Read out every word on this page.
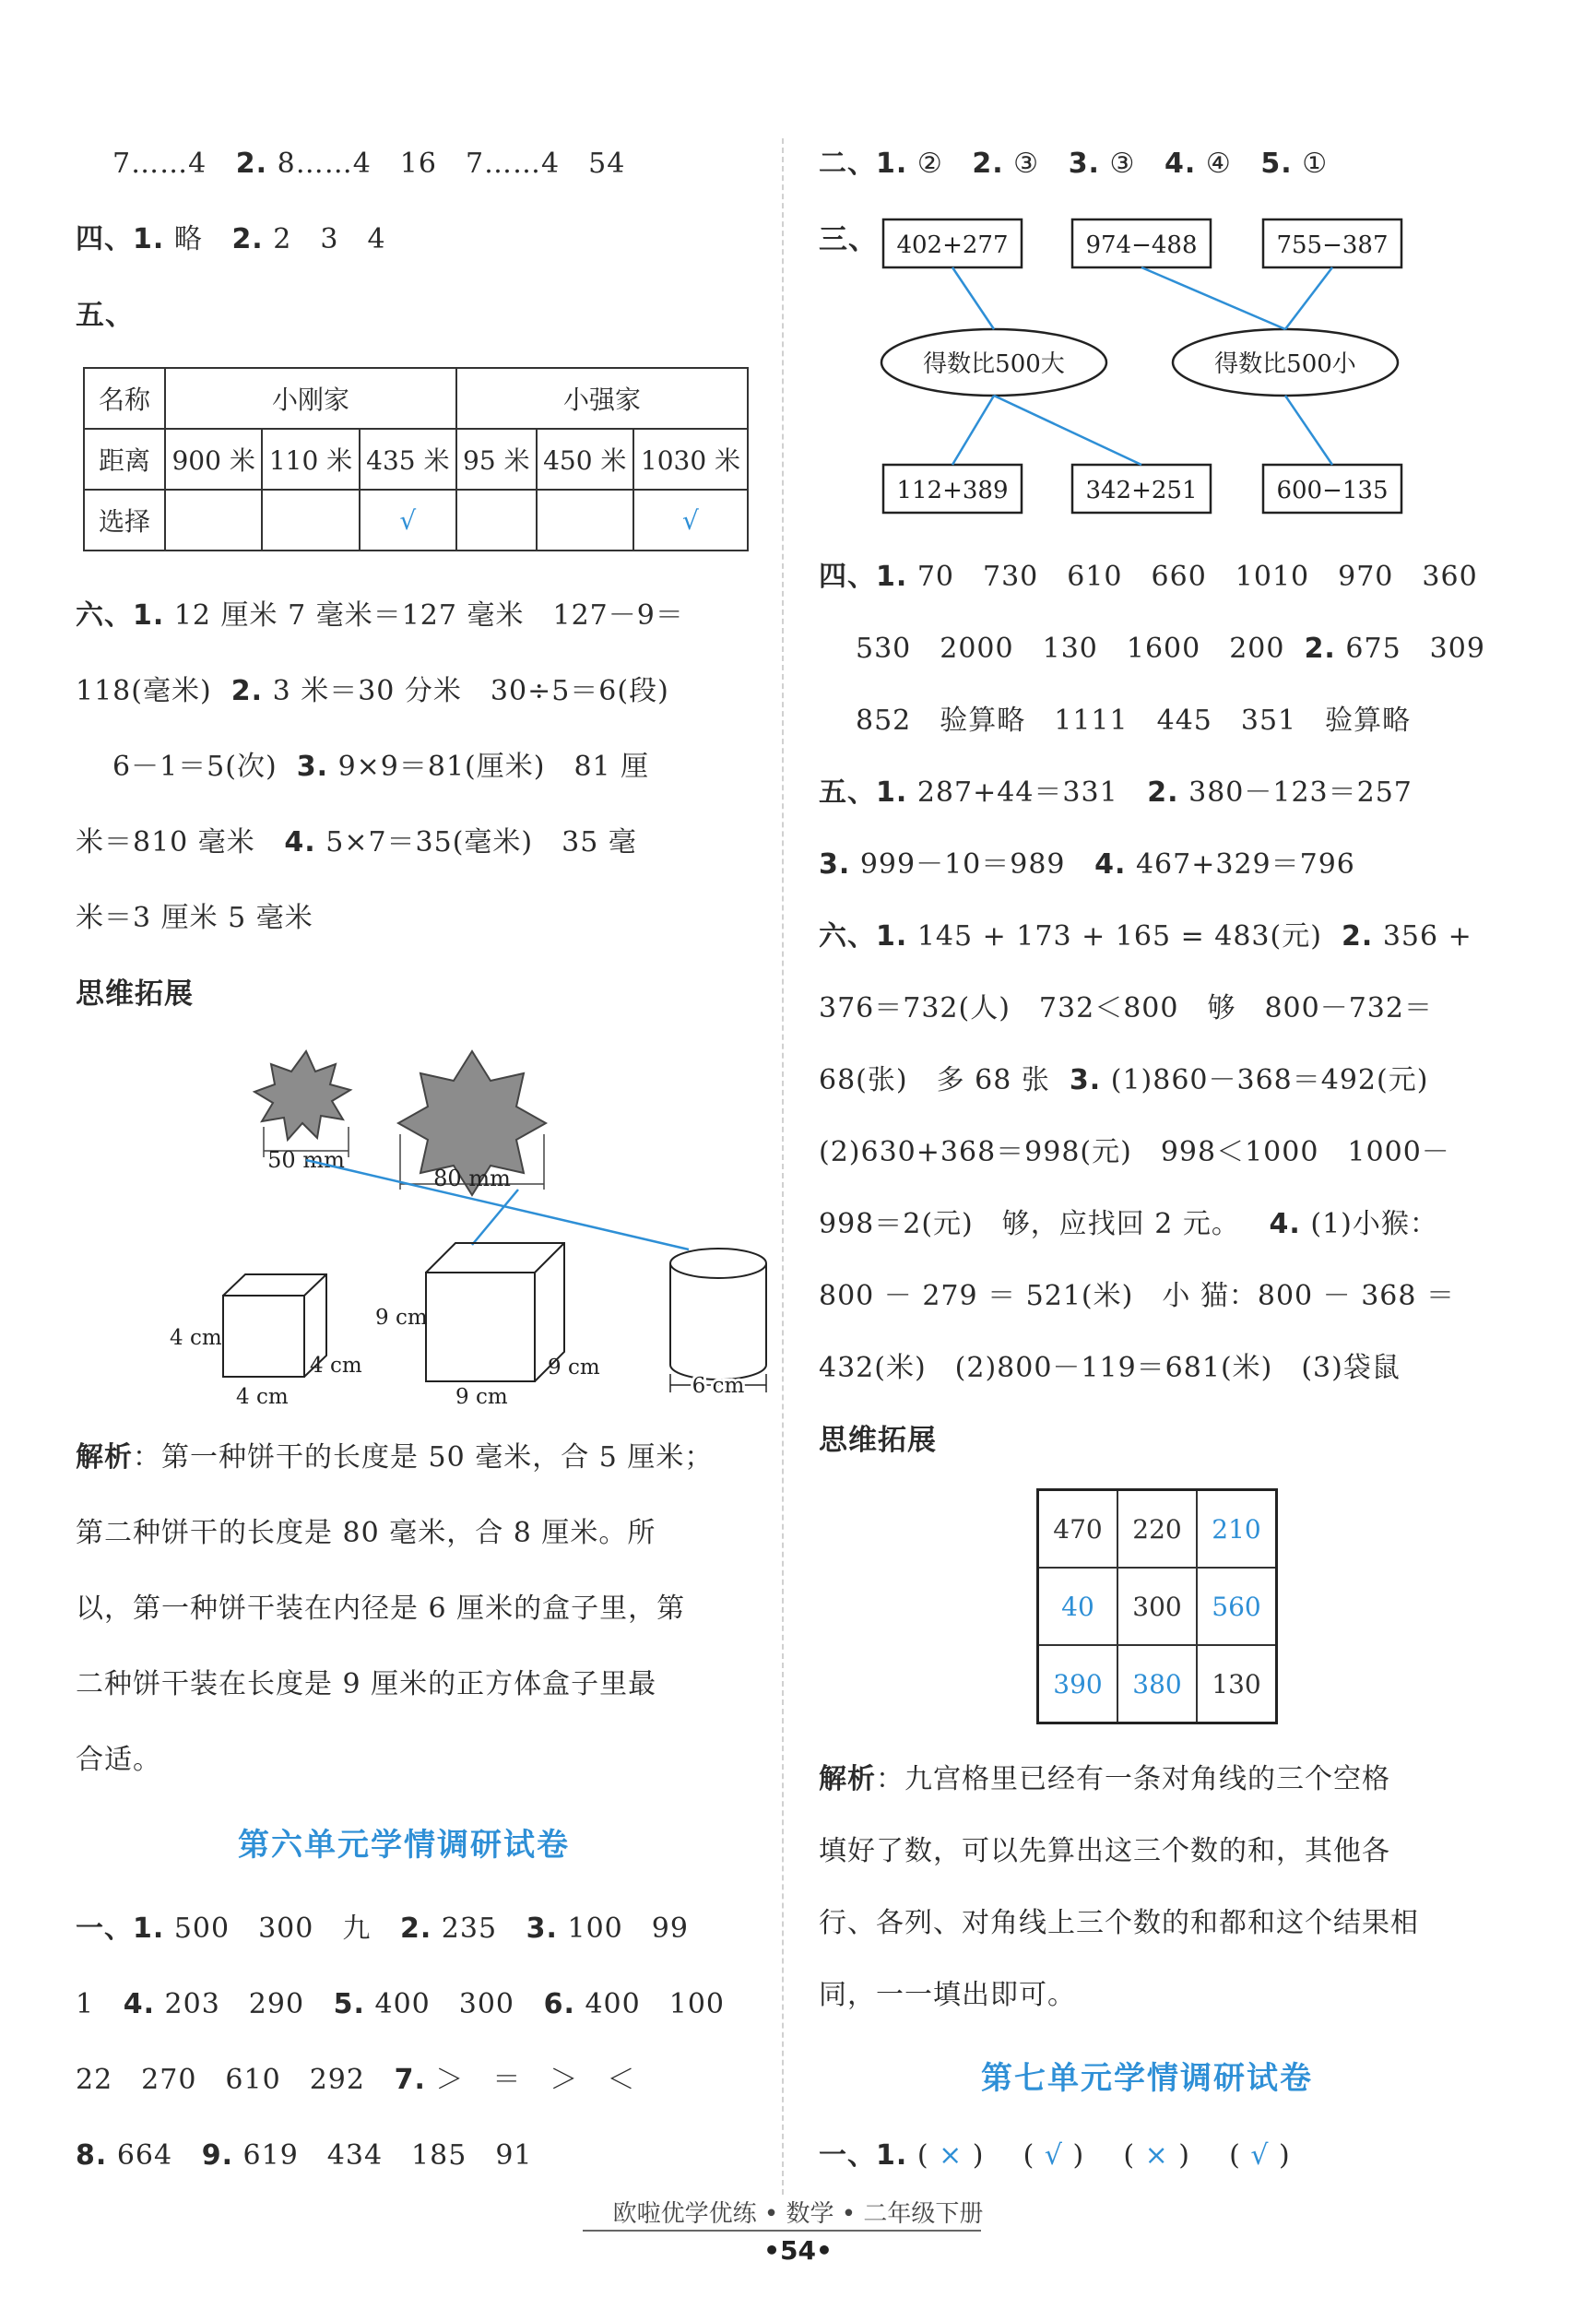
7……4 2. 8……4　16　7……4　54
四、1. 略 2. 2　3　4
五、
名称	小刚家			小强家		
距离	900 米	110 米	435 米	95 米	450 米	1030 米
选择			√			√
六、1. 12 厘米 7 毫米＝127 毫米　127－9＝
118(毫米) 2. 3 米＝30 分米　30÷5＝6(段)
6－1＝5(次) 3. 9×9＝81(厘米)　81 厘
米＝810 毫米 4. 5×7＝35(毫米)　35 毫
米＝3 厘米 5 毫米
思维拓展
50 mm
80 mm
4 cm
4 cm
4 cm
9 cm
9 cm
9 cm
6 cm
解析：第一种饼干的长度是 50 毫米，合 5 厘米；
第二种饼干的长度是 80 毫米，合 8 厘米。所
以，第一种饼干装在内径是 6 厘米的盒子里，第
二种饼干装在长度是 9 厘米的正方体盒子里最
合适。
第六单元学情调研试卷
一、1. 500　300　九 2. 235 3. 100　99
1 4. 203　290 5. 400　300 6. 400　100
22　270　610　292 7. ＞　＝　＞　＜
8. 664 9. 619　434　185　91
二、1. ② 2. ③ 3. ③ 4. ④ 5. ①
三、 402+277	974−488	755−387
得数比500大	得数比500小
112+389	342+251	600−135
四、1. 70　730　610　660　1010　970　360
530　2000　130　1600　200 2. 675　309
852　验算略　1111　445　351　验算略
五、1. 287+44＝331 2. 380－123＝257
3. 999－10＝989 4. 467+329＝796
六、1. 145 + 173 + 165 = 483(元) 2. 356 +
376＝732(人)　732＜800　够　800－732＝
68(张)　多 68 张 3. (1)860－368＝492(元)
(2)630+368＝998(元)　998＜1000　1000－
998＝2(元)　够，应找回 2 元。 4. (1)小猴：
800 － 279 ＝ 521(米)　小 猫：800 － 368 ＝
432(米)　(2)800－119＝681(米)　(3)袋鼠
思维拓展
470	220	210
40	300	560
390	380	130
解析：九宫格里已经有一条对角线的三个空格
填好了数，可以先算出这三个数的和，其他各
行、各列、对角线上三个数的和都和这个结果相
同，一一填出即可。
第七单元学情调研试卷
一、1. ( × )    ( √ )    ( × )    ( √ )
欧啦优学优练 • 数学 • 二年级下册
•54•
